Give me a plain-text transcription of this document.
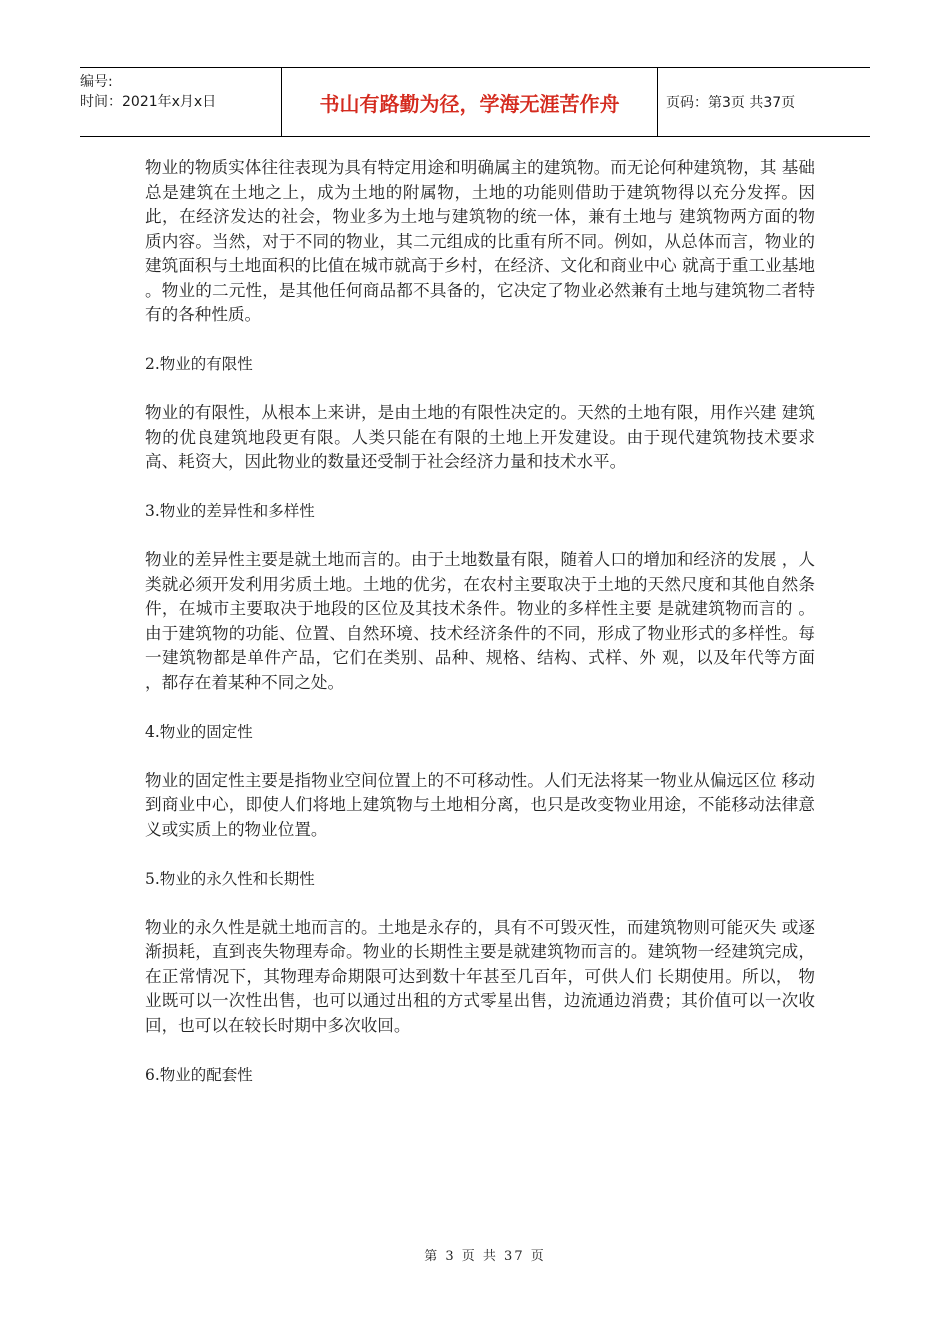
编号:
时间：2021年x月x日	书山有路勤为径，学海无涯苦作舟	页码：第3页 共37页

物业的物质实体往往表现为具有特定用途和明确属主的建筑物。而无论何种建筑物，其 基础总是建筑在土地之上，成为土地的附属物，土地的功能则借助于建筑物得以充分发挥。因此，在经济发达的社会，物业多为土地与建筑物的统一体，兼有土地与 建筑物两方面的物 质内容。当然，对于不同的物业，其二元组成的比重有所不同。例如，从总体而言，物业的建筑面积与土地面积的比值在城市就高于乡村，在经济、文化和商业中心 就高于重工业基地 。物业的二元性，是其他任何商品都不具备的，它决定了物业必然兼有土地与建筑物二者特有的各种性质。

2.物业的有限性

物业的有限性，从根本上来讲，是由土地的有限性决定的。天然的土地有限，用作兴建 建筑物的优良建筑地段更有限。人类只能在有限的土地上开发建设。由于现代建筑物技术要求高、耗资大，因此物业的数量还受制于社会经济力量和技术水平。

3.物业的差异性和多样性

物业的差异性主要是就土地而言的。由于土地数量有限，随着人口的增加和经济的发展 ，人类就必须开发利用劣质土地。土地的优劣，在农村主要取决于土地的天然尺度和其他自然条件，在城市主要取决于地段的区位及其技术条件。物业的多样性主要 是就建筑物而言的 。由于建筑物的功能、位置、自然环境、技术经济条件的不同，形成了物业形式的多样性。每一建筑物都是单件产品，它们在类别、品种、规格、结构、式样、外 观，以及年代等方面 ，都存在着某种不同之处。

4.物业的固定性

物业的固定性主要是指物业空间位置上的不可移动性。人们无法将某一物业从偏远区位 移动到商业中心，即使人们将地上建筑物与土地相分离，也只是改变物业用途，不能移动法律意义或实质上的物业位置。

5.物业的永久性和长期性

物业的永久性是就土地而言的。土地是永存的，具有不可毁灭性，而建筑物则可能灭失 或逐渐损耗，直到丧失物理寿命。物业的长期性主要是就建筑物而言的。建筑物一经建筑完成，在正常情况下，其物理寿命期限可达到数十年甚至几百年，可供人们 长期使用。所以， 物业既可以一次性出售，也可以通过出租的方式零星出售，边流通边消费；其价值可以一次收回，也可以在较长时期中多次收回。

6.物业的配套性

第 3 页 共 37 页
